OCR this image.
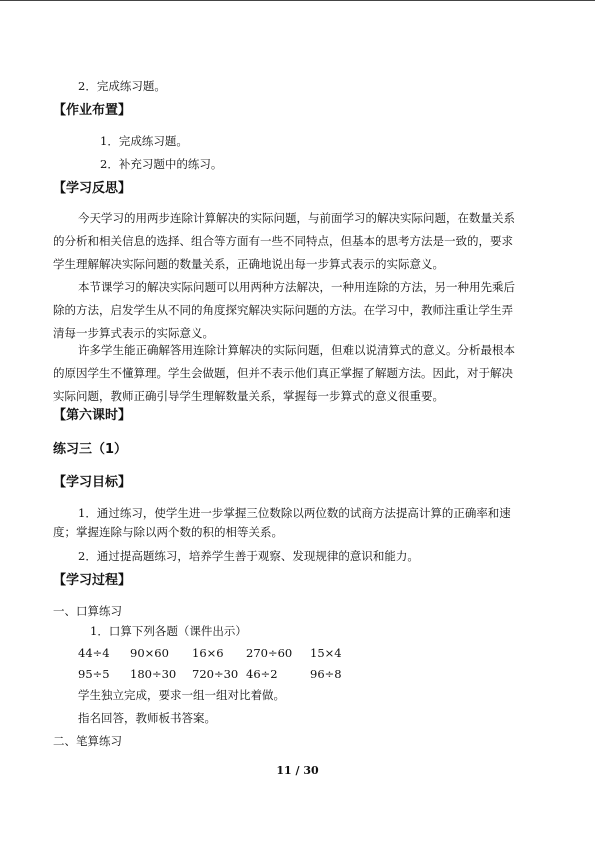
2．完成练习题。
【作业布置】
1．完成练习题。
2．补充习题中的练习。
【学习反思】
今天学习的用两步连除计算解决的实际问题，与前面学习的解决实际问题，在数量关系
的分析和相关信息的选择、组合等方面有一些不同特点，但基本的思考方法是一致的，要求
学生理解解决实际问题的数量关系，正确地说出每一步算式表示的实际意义。
本节课学习的解决实际问题可以用两种方法解决，一种用连除的方法，另一种用先乘后
除的方法，启发学生从不同的角度探究解决实际问题的方法。在学习中，教师注重让学生弄
清每一步算式表示的实际意义。
许多学生能正确解答用连除计算解决的实际问题，但难以说清算式的意义。分析最根本
的原因学生不懂算理。学生会做题，但并不表示他们真正掌握了解题方法。因此，对于解决
实际问题，教师正确引导学生理解数量关系，掌握每一步算式的意义很重要。
【第六课时】
练习三（1）
【学习目标】
1．通过练习，使学生进一步掌握三位数除以两位数的试商方法提高计算的正确率和速
度；掌握连除与除以两个数的积的相等关系。
2．通过提高题练习，培养学生善于观察、发现规律的意识和能力。
【学习过程】
一、口算练习
1．口算下列各题（课件出示）
44÷4 90×60 16×6 270÷60 15×4
95÷5 180÷30 720÷30 46÷2	96÷8
学生独立完成，要求一组一组对比着做。
指名回答，教师板书答案。
二、笔算练习
11 / 30
